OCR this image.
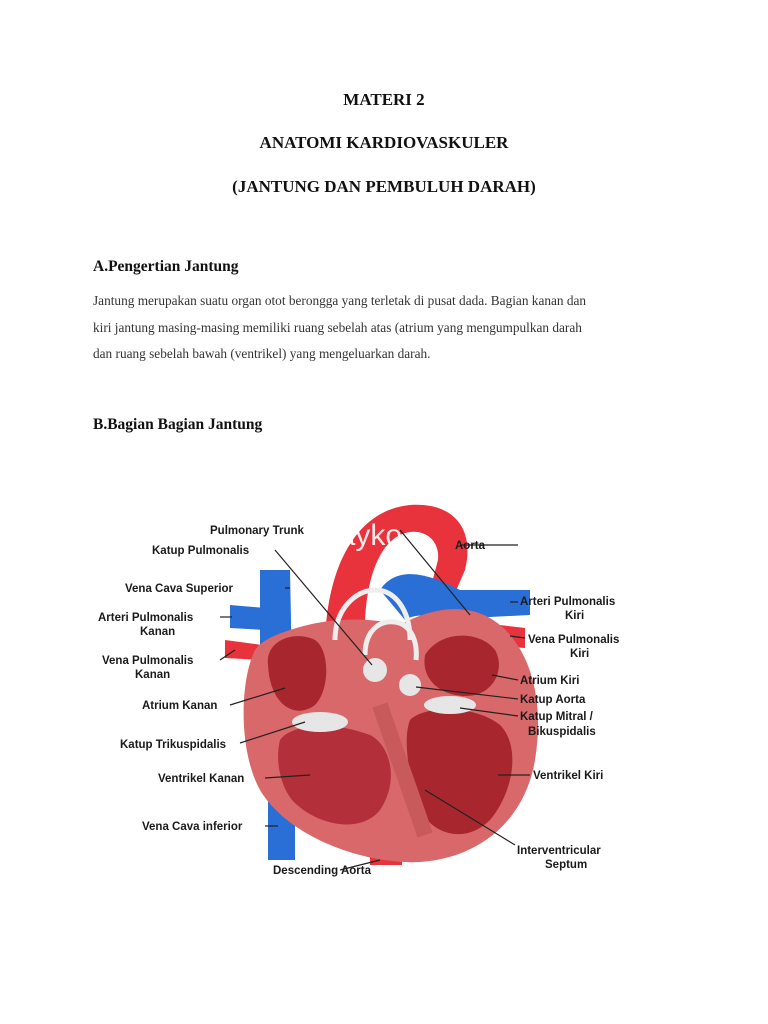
MATERI 2
ANATOMI KARDIOVASKULER
(JANTUNG DAN PEMBULUH DARAH)
A.Pengertian Jantung
Jantung merupakan suatu organ otot berongga yang terletak di pusat dada. Bagian kanan dan
kiri jantung masing-masing memiliki ruang sebelah atas (atrium yang mengumpulkan darah
dan ruang sebelah bawah (ventrikel) yang mengeluarkan darah.
B.Bagian Bagian Jantung
nayko
Pulmonary Trunk
Katup Pulmonalis
Vena Cava Superior
Arteri Pulmonalis
Kanan
Vena Pulmonalis
Kanan
Atrium Kanan
Katup Trikuspidalis
Ventrikel Kanan
Vena Cava inferior
Descending Aorta
Aorta
Arteri Pulmonalis
Kiri
Vena Pulmonalis
Kiri
Atrium Kiri
Katup Aorta
Katup Mitral /
Bikuspidalis
Ventrikel Kiri
Interventricular
Septum
